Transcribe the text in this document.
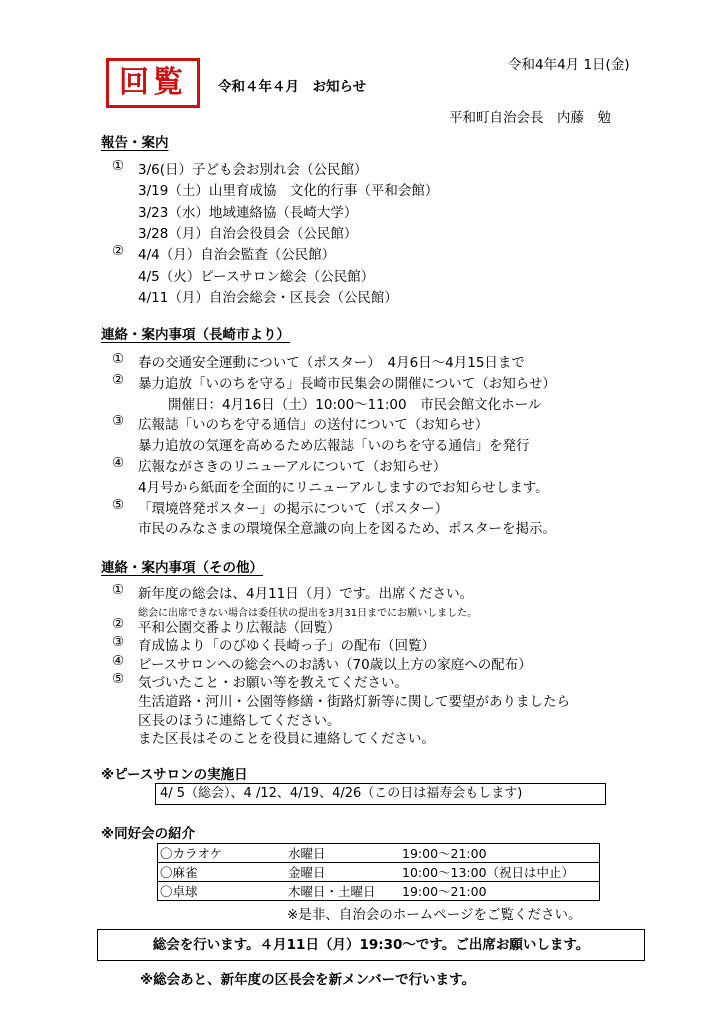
令和4年4月 1日(金)
回覧	令和４年４月　お知らせ
平和町自治会長　内藤　勉
報告・案内
① 3/6(日）子ども会お別れ会（公民館）
3/19（土）山里育成協　文化的行事（平和会館）
3/23（水）地域連絡協（長崎大学）
3/28（月）自治会役員会（公民館）
② 4/4（月）自治会監査（公民館）
4/5（火）ピースサロン総会（公民館）
4/11（月）自治会総会・区長会（公民館）
連絡・案内事項（長崎市より）
① 春の交通安全運動について（ポスター）　4月6日～4月15日まで
② 暴力追放「いのちを守る」長崎市民集会の開催について（お知らせ）
開催日：4月16日（土）10:00～11:00　市民会館文化ホール
③ 広報誌「いのちを守る通信」の送付について（お知らせ）
暴力追放の気運を高めるため広報誌「いのちを守る通信」を発行
④ 広報ながさきのリニューアルについて（お知らせ）
4月号から紙面を全面的にリニューアルしますのでお知らせします。
⑤ 「環境啓発ポスター」の掲示について（ポスター）
市民のみなさまの環境保全意識の向上を図るため、ポスターを掲示。
連絡・案内事項（その他）
① 新年度の総会は、4月11日（月）です。出席ください。
総会に出席できない場合は委任状の提出を3月31日までにお願いしました。
② 平和公園交番より広報誌（回覧）
③ 育成協より「のびゆく長崎っ子」の配布（回覧）
④ ピースサロンへの総会へのお誘い（70歳以上方の家庭への配布）
⑤ 気づいたこと・お願い等を教えてください。
生活道路・河川・公園等修繕・街路灯新等に関して要望がありましたら
区長のほうに連絡してください。
また区長はそのことを役員に連絡してください。
※ピースサロンの実施日
4/ 5（総会）、4 /12、4/19、4/26（この日は福寿会もします)
※同好会の紹介
〇カラオケ	水曜日	19:00～21:00
〇麻雀	金曜日	10:00～13:00（祝日は中止）
〇卓球	木曜日・土曜日	19:00～21:00
※是非、自治会のホームページをご覧ください。
総会を行います。４月11日（月）19:30～です。ご出席お願いします。
※総会あと、新年度の区長会を新メンバーで行います。
